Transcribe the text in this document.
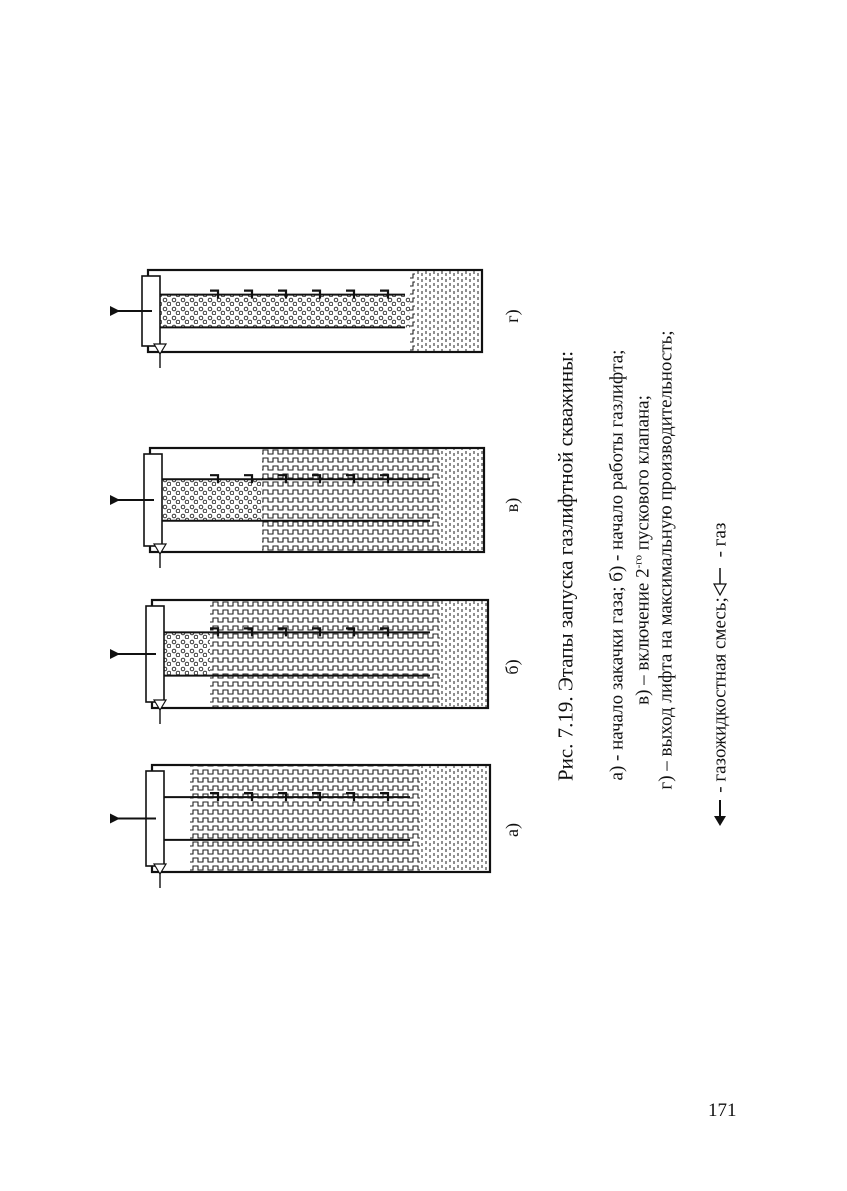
а)
б)
в)
г)
Рис. 7.19. Этапы запуска газлифтной скважины: а) - начало закачки газа; б) - начало работы газлифта; в) – включение $2^{-го}$ пускового клапана; г) – выход лифта на максимальную производительность; - газожидкостная смесь;
- газ
171
